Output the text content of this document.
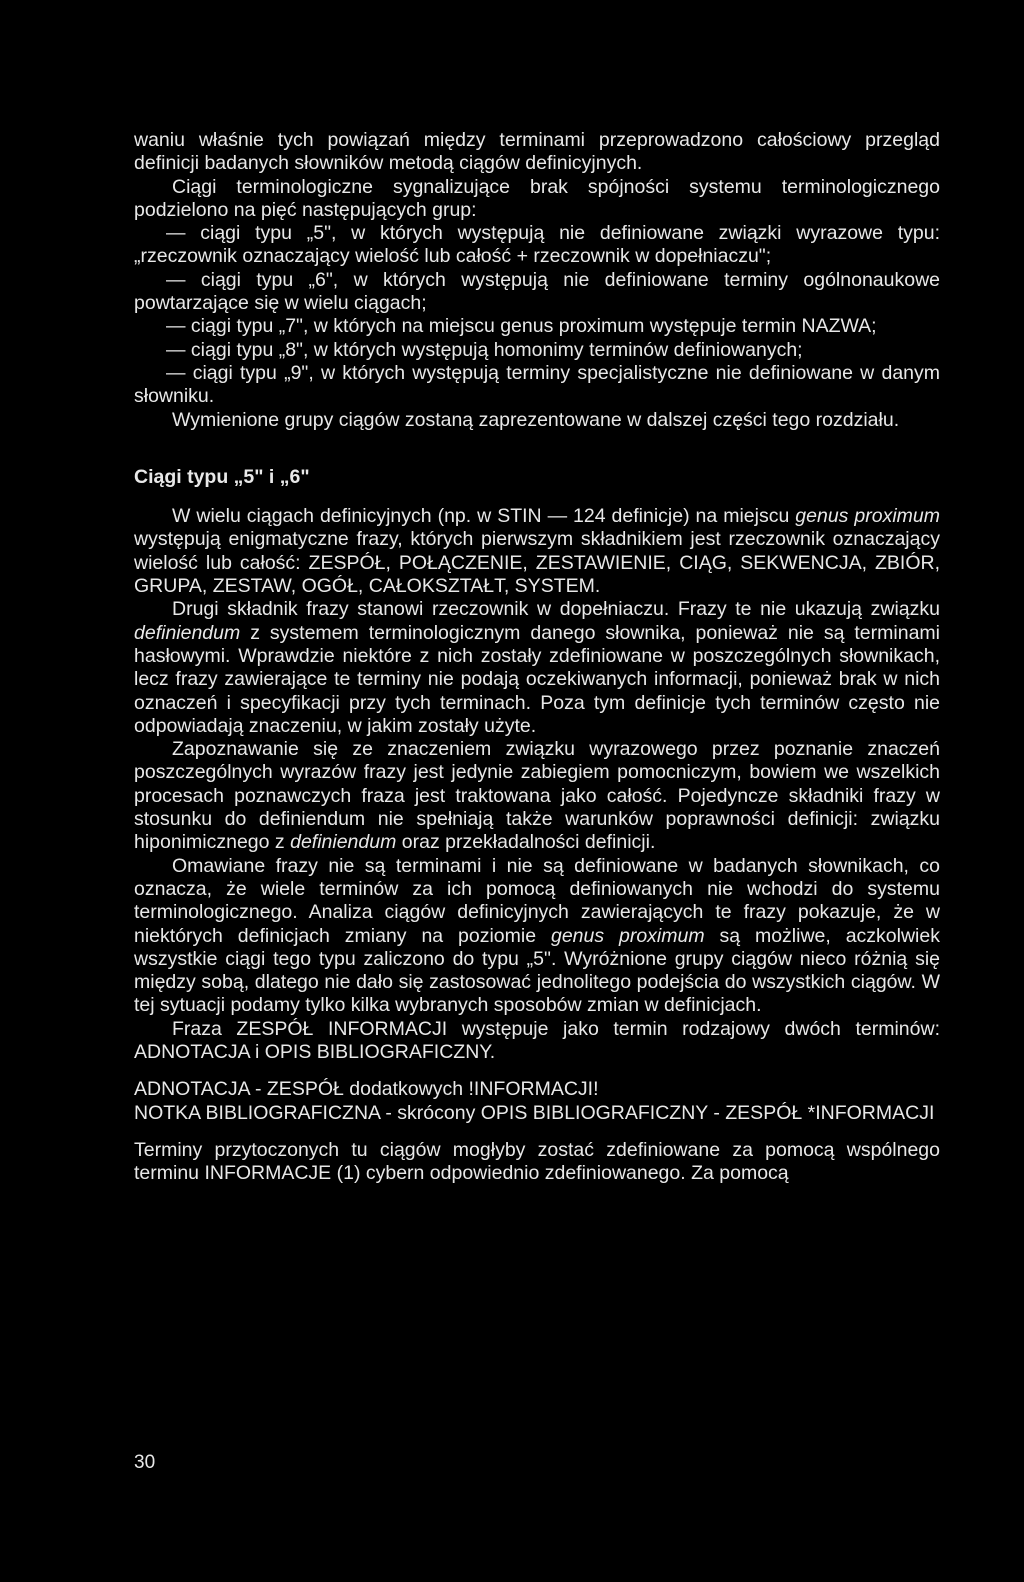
waniu właśnie tych powiązań między terminami przeprowadzono całościowy przegląd definicji badanych słowników metodą ciągów definicyjnych.

Ciągi terminologiczne sygnalizujące brak spójności systemu terminologicznego podzielono na pięć następujących grup:

— ciągi typu „5", w których występują nie definiowane związki wyrazowe typu: „rzeczownik oznaczający wielość lub całość + rzeczownik w dopełniaczu";

— ciągi typu „6", w których występują nie definiowane terminy ogólnonaukowe powtarzające się w wielu ciągach;

— ciągi typu „7", w których na miejscu genus proximum występuje termin NAZWA;

— ciągi typu „8", w których występują homonimy terminów definiowanych;

— ciągi typu „9", w których występują terminy specjalistyczne nie definiowane w danym słowniku.

Wymienione grupy ciągów zostaną zaprezentowane w dalszej części tego rozdziału.

Ciągi typu „5" i „6"

W wielu ciągach definicyjnych (np. w STIN — 124 definicje) na miejscu genus proximum występują enigmatyczne frazy, których pierwszym składnikiem jest rzeczownik oznaczający wielość lub całość: ZESPÓŁ, POŁĄCZENIE, ZESTAWIENIE, CIĄG, SEKWENCJA, ZBIÓR, GRUPA, ZESTAW, OGÓŁ, CAŁOKSZTAŁT, SYSTEM.

Drugi składnik frazy stanowi rzeczownik w dopełniaczu. Frazy te nie ukazują związku definiendum z systemem terminologicznym danego słownika, ponieważ nie są terminami hasłowymi. Wprawdzie niektóre z nich zostały zdefiniowane w poszczególnych słownikach, lecz frazy zawierające te terminy nie podają oczekiwanych informacji, ponieważ brak w nich oznaczeń i specyfikacji przy tych terminach. Poza tym definicje tych terminów często nie odpowiadają znaczeniu, w jakim zostały użyte.

Zapoznawanie się ze znaczeniem związku wyrazowego przez poznanie znaczeń poszczególnych wyrazów frazy jest jedynie zabiegiem pomocniczym, bowiem we wszelkich procesach poznawczych fraza jest traktowana jako całość. Pojedyncze składniki frazy w stosunku do definiendum nie spełniają także warunków poprawności definicji: związku hiponimicznego z definiendum oraz przekładalności definicji.

Omawiane frazy nie są terminami i nie są definiowane w badanych słownikach, co oznacza, że wiele terminów za ich pomocą definiowanych nie wchodzi do systemu terminologicznego. Analiza ciągów definicyjnych zawierających te frazy pokazuje, że w niektórych definicjach zmiany na poziomie genus proximum są możliwe, aczkolwiek wszystkie ciągi tego typu zaliczono do typu „5". Wyróżnione grupy ciągów nieco różnią się między sobą, dlatego nie dało się zastosować jednolitego podejścia do wszystkich ciągów. W tej sytuacji podamy tylko kilka wybranych sposobów zmian w definicjach.

Fraza ZESPÓŁ INFORMACJI występuje jako termin rodzajowy dwóch terminów: ADNOTACJA i OPIS BIBLIOGRAFICZNY.

ADNOTACJA - ZESPÓŁ dodatkowych !INFORMACJI!

NOTKA BIBLIOGRAFICZNA - skrócony OPIS BIBLIOGRAFICZNY - ZESPÓŁ *INFORMACJI

Terminy przytoczonych tu ciągów mogłyby zostać zdefiniowane za pomocą wspólnego terminu INFORMACJE (1) cybern odpowiednio zdefiniowanego. Za pomocą

30
